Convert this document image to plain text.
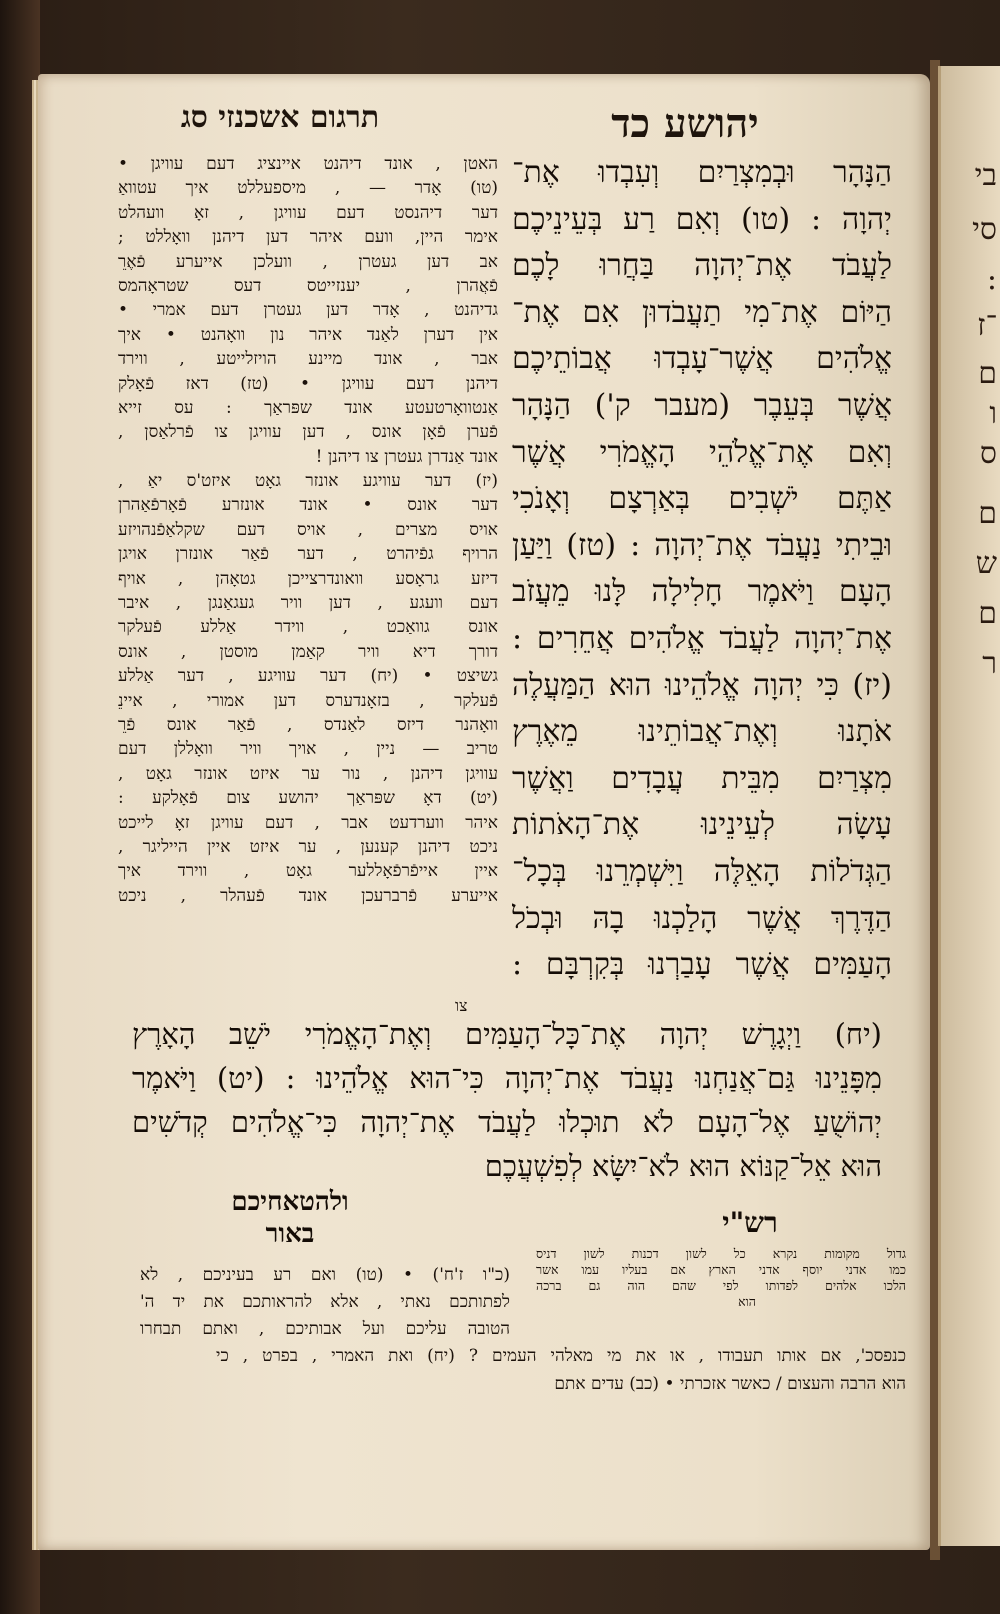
בי
סי
:
־ז
ם
ו
ס
ם
ש
ם
ר
יהושע כד
תרגום אשכנזי סג
האטן , אונד דיהנט איינציג דעם עוויגן •
(טו) אָדר — , מיספעללט איך עטוואַ
דער דיהנסט דעם עוויגן , זאָ וועהלט
אימר היין, וועם איהר דען דיהנן וואָללט ;
אב דען געטרן , וועלכן אייערע פֿאֶרֵ
פֿאֲהרן , יענזייטס דעס שטראָהמס
גדיהנט , אָדר דען געטרן דעם אמרי •
אין דערן לאַנד איהר נון וואָהנט • איך
אבר , אונד מיינע הויזלייטע , ווירד
דיהנן דעם עוויגן • (טז) דאז פֿאָלק
אַנטוואָרטעטע אונד שפּראַך : עס זייא
פֿערן פֿאָן אונס , דען עוויגן צו פֿרלאַסן ,
אונד אַנדרן געטרן צו דיהנן !
(יז) דער עוויגע אונזר גאָט איזט'ס יאַ ,
דער אונס • אונד אונזרע פֿאָרפֿאַהרן
אויס מצרים , אויס דעם שקלאַפֿנהויזע
הרויף גפֿיהרט , דער פֿאַר אונזרן אויגן
דיזע גראָסע וואונדרצייכן גטאָהן , אויף
דעם וועגע , דען וויר געגאַנגן , איבר
אונס גוואַכט , ווידר אַללע פֿעלקר
דורך דיא וויר קאַמן מוסטן , אונס
גשיצט • (יח) דער עוויגע , דער אַללע
פֿעלקר , בזאָנדערס דען אמורי , איינֵ
וואָהנר דיזס לאַנדס , פֿאַר אונס פֿרֵ
טריב — ניין , אויך וויר וואָללן דעם
עוויגן דיהנן , נור ער איזט אונזר גאָט ,
(יט) דאָ שפּראַך יהושע צום פֿאָלקע :
איהר ווערדעט אבר , דעם עוויגן זאָ לייכט
ניכט דיהנן קענען , ער איזט איין הייליגר ,
איין אייפֿרפֿאָללער גאָט , ווירד איך
אייערע פֿרברעכן אונד פֿעהלר , ניכט
צו
הַנָּהָר וּבְמִצְרַיִם וְעִבְדוּ אֶת־
יְהוָה : (טו) וְאִם רַע בְּעֵינֵיכֶם
לַעֲבֹד אֶת־יְהוָה בַּחֲרוּ לָכֶם
הַיּוֹם אֶת־מִי תַעֲבֹדוּן אִם אֶת־
אֱלֹהִים אֲשֶׁר־עָבְדוּ אֲבוֹתֵיכֶם
אֲשֶׁר בְּעֵבֶר (מעבר ק') הַנָּהָר
וְאִם אֶת־אֱלֹהֵי הָאֱמֹרִי אֲשֶׁר
אַתֶּם יֹשְׁבִים בְּאַרְצָם וְאָנֹכִי
וּבֵיתִי נַעֲבֹד אֶת־יְהוָה : (טז) וַיַּעַן
הָעָם וַיֹּאמֶר חָלִילָה לָּנוּ מֵעֲזֹב
אֶת־יְהוָה לַעֲבֹד אֱלֹהִים אֲחֵרִים :
(יז) כִּי יְהוָה אֱלֹהֵינוּ הוּא הַמַּעֲלֶה
אֹתָנוּ וְאֶת־אֲבוֹתֵינוּ מֵאֶרֶץ
מִצְרַיִם מִבֵּית עֲבָדִים וַאֲשֶׁר
עָשָׂה לְעֵינֵינוּ אֶת־הָאֹתוֹת
הַגְּדֹלוֹת הָאֵלֶּה וַיִּשְׁמְרֵנוּ בְּכָל־
הַדֶּרֶךְ אֲשֶׁר הָלַכְנוּ בָהּ וּבְכֹל
הָעַמִּים אֲשֶׁר עָבַרְנוּ בְּקִרְבָּם :
(יח) וַיְגָרֶשׁ יְהוָה אֶת־כָּל־הָעַמִּים וְאֶת־הָאֱמֹרִי יֹשֵׁב הָאָרֶץ
מִפָּנֵינוּ גַּם־אֲנַחְנוּ נַעֲבֹד אֶת־יְהוָה כִּי־הוּא אֱלֹהֵינוּ : (יט) וַיֹּאמֶר
יְהוֹשֻׁעַ אֶל־הָעָם לֹא תוּכְלוּ לַעֲבֹד אֶת־יְהוָה כִּי־אֱלֹהִים קְדֹשִׁים
הוּא אֵל־קַנּוֹא הוּא לֹא־יִשָּׂא לְפִשְׁעֲכֶם
רש"י
ולהטאחיכם
באור
גדול מקומות נקרא כל לשון דכנות לשון דניס
כמו אדני יוסף אדני הארץ אם בעליו עמו אשר
הלכו אלהים לפדותו לפי שהם הוה גם ברכה
הוא
(כ"ו ז'ח') • (טו) ואם רע בעיניכם , לא
לפתותכם נאתי , אלא להראותכם את יד ה'
הטובה עליכם ועל אבותיכם , ואתם תבחרו
כנפסכ', אם אותו תעבודו , או את מי מאלהי העמים ? (יח) ואת האמרי , בפרט , כי
הוא הרבה והעצום / כאשר אזכרתי • (כב) עדים אתם
